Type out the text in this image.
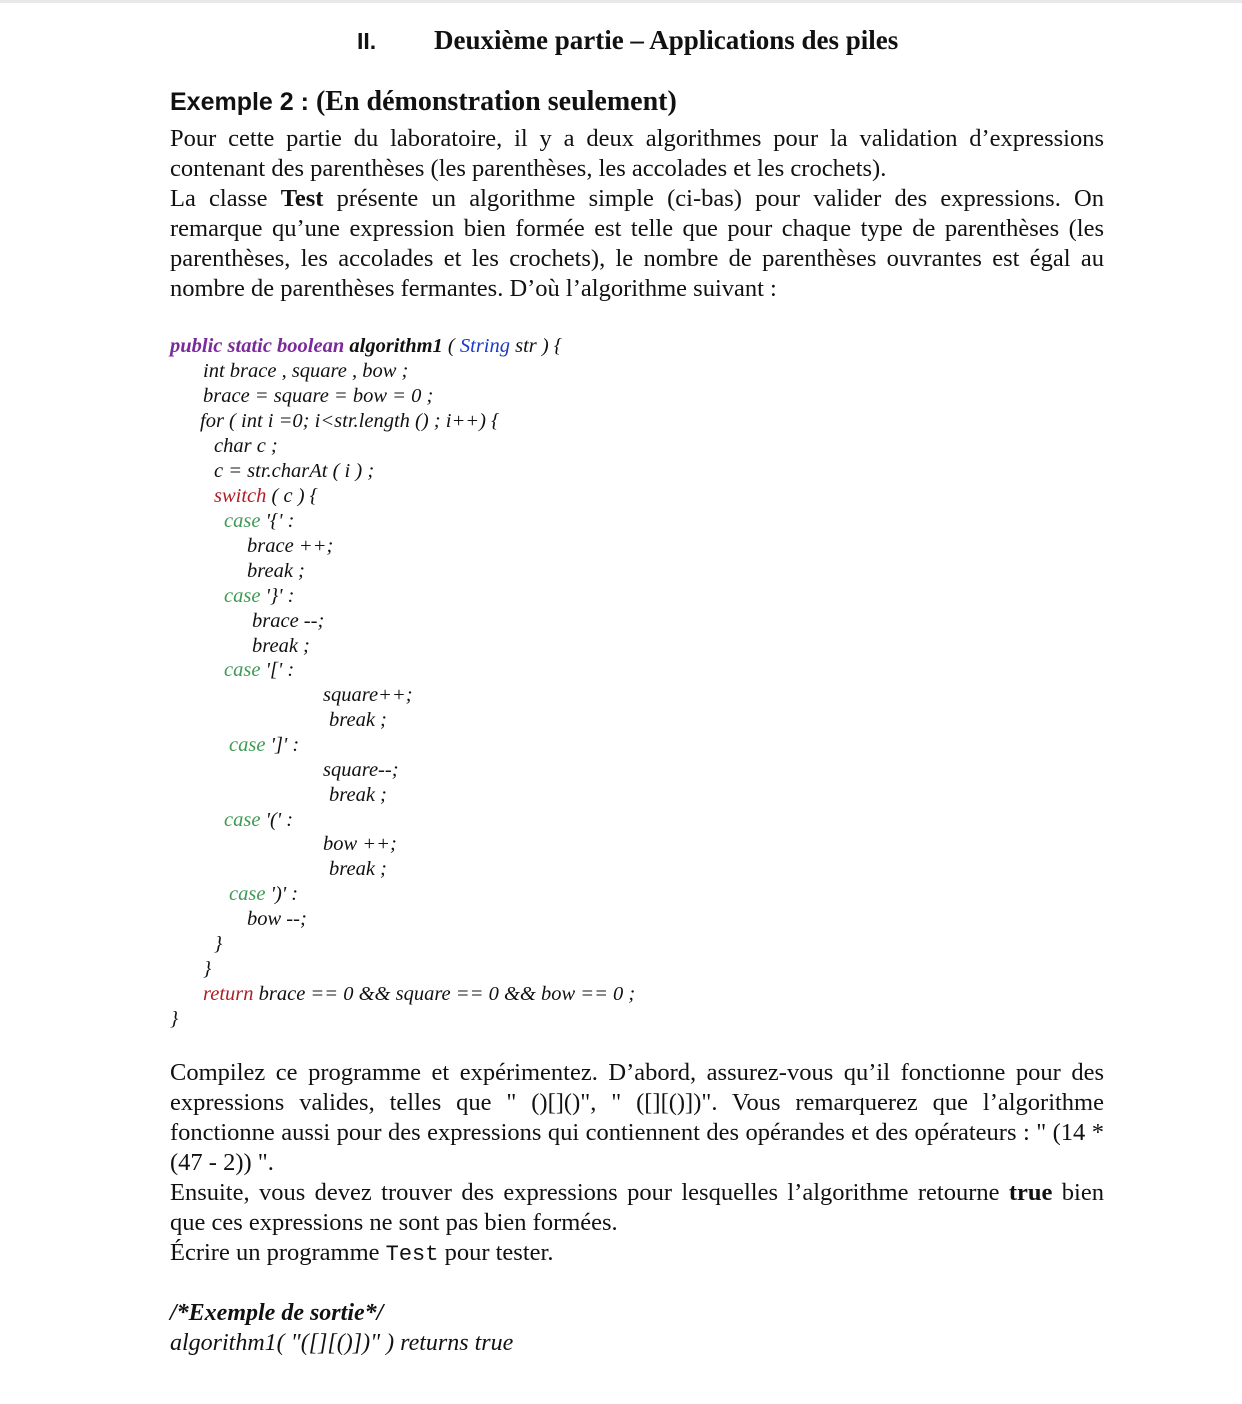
II. Deuxième partie – Applications des piles
Exemple 2 : (En démonstration seulement)
Pour cette partie du laboratoire, il y a deux algorithmes pour la validation d’expressions contenant des parenthèses (les parenthèses, les accolades et les crochets).
La classe Test présente un algorithme simple (ci-bas) pour valider des expressions. On remarque qu’une expression bien formée est telle que pour chaque type de parenthèses (les parenthèses, les accolades et les crochets), le nombre de parenthèses ouvrantes est égal au nombre de parenthèses fermantes. D’où l’algorithme suivant :
public static boolean algorithm1 ( String str ) {
int brace , square , bow ;
brace = square = bow = 0 ;
for ( int i =0; i<str.length () ; i++) {
char c ;
c = str.charAt ( i ) ;
switch ( c ) {
case '{' :
brace ++;
break ;
case '}' :
brace --;
break ;
case '[' :
square++;
break ;
case ']' :
square--;
break ;
case '(' :
bow ++;
break ;
case ')' :
bow --;
}
}
return brace == 0 && square == 0 && bow == 0 ;
}
Compilez ce programme et expérimentez. D’abord, assurez-vous qu’il fonctionne pour des expressions valides, telles que " ()[]()", " ([][()])". Vous remarquerez que l’algorithme fonctionne aussi pour des expressions qui contiennent des opérandes et des opérateurs : " (14 * (47 - 2)) ".
Ensuite, vous devez trouver des expressions pour lesquelles l’algorithme retourne true bien que ces expressions ne sont pas bien formées.
Écrire un programme Test pour tester.
/*Exemple de sortie*/
algorithm1( "([][()])" ) returns true
